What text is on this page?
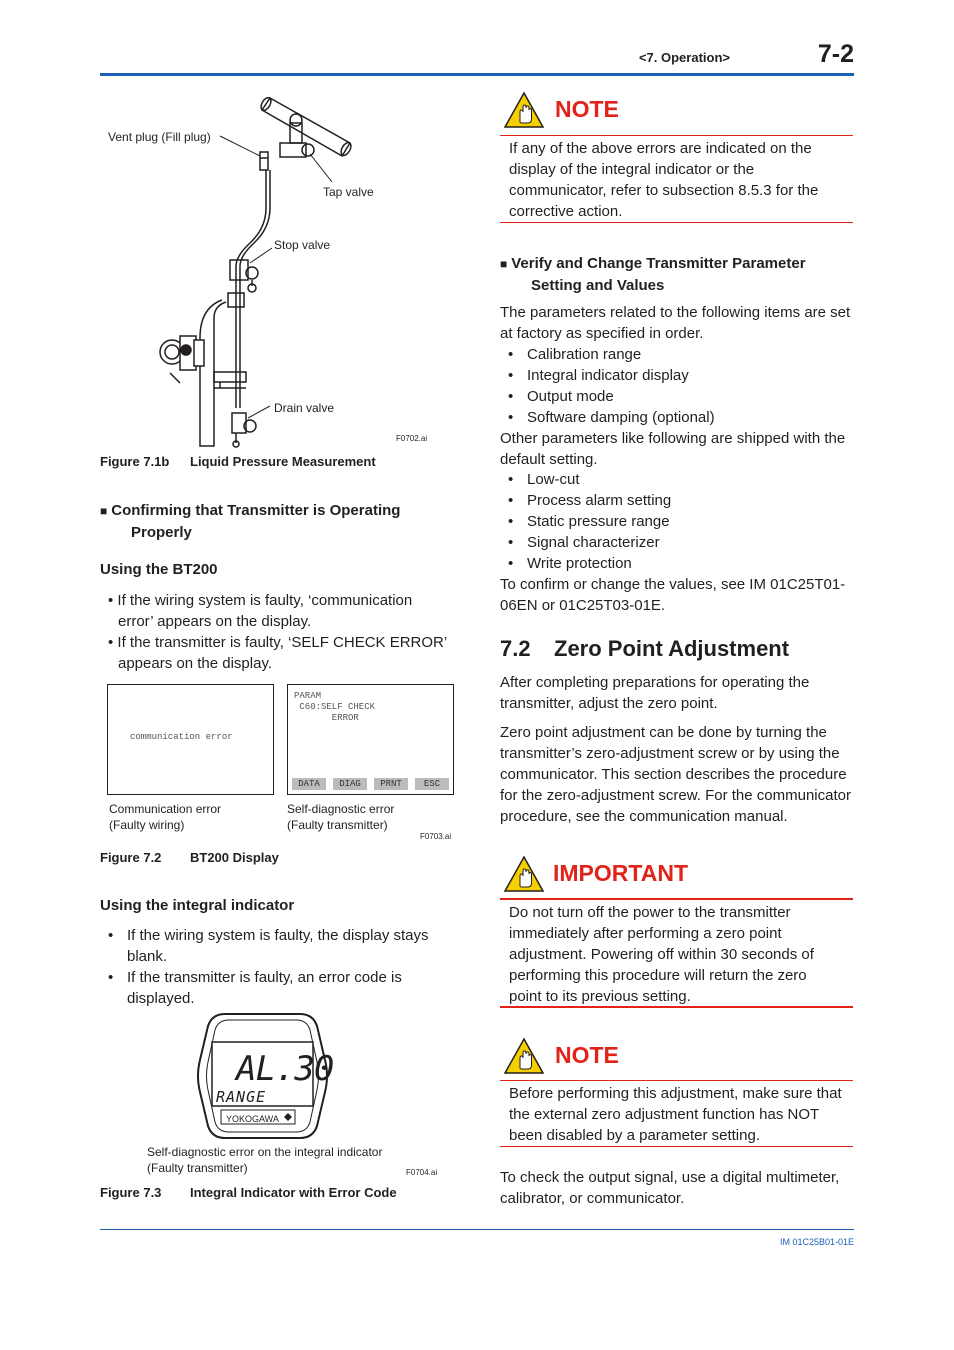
<7. Operation>	7-2
Vent plug (Fill plug)
Tap valve
Stop valve
Drain valve
F0702.ai
Figure 7.1b Liquid Pressure Measurement
■ Confirming that Transmitter is Operating
Properly
Using the BT200
• If the wiring system is faulty, ‘communication error’ appears on the display.
• If the transmitter is faulty, ‘SELF CHECK ERROR’ appears on the display.
communication error
PARAM
C60:SELF CHECK
ERROR
DATA	DIAG	PRNT	ESC
Communication error
(Faulty wiring)
Self-diagnostic error
(Faulty transmitter)
F0703.ai
Figure 7.2 BT200 Display
Using the integral indicator
• If the wiring system is faulty, the display stays blank.
• If the transmitter is faulty, an error code is displayed.
AL.30
RANGE
YOKOGAWA
Self-diagnostic error on the integral indicator
(Faulty transmitter)	F0704.ai
Figure 7.3 Integral Indicator with Error Code
NOTE
If any of the above errors are indicated on the display of the integral indicator or the communicator, refer to subsection 8.5.3 for the corrective action.
■ Verify and Change Transmitter Parameter
Setting and Values
The parameters related to the following items are set at factory as specified in order.
• Calibration range
• Integral indicator display
• Output mode
• Software damping (optional)
Other parameters like following are shipped with the default setting.
• Low-cut
• Process alarm setting
• Static pressure range
• Signal characterizer
• Write protection
To confirm or change the values, see IM 01C25T01-06EN or 01C25T03-01E.
7.2 Zero Point Adjustment
After completing preparations for operating the transmitter, adjust the zero point.
Zero point adjustment can be done by turning the transmitter’s zero-adjustment screw or by using the communicator. This section describes the procedure for the zero-adjustment screw. For the communicator procedure, see the communication manual.
IMPORTANT
Do not turn off the power to the transmitter immediately after performing a zero point adjustment. Powering off within 30 seconds of performing this procedure will return the zero point to its previous setting.
NOTE
Before performing this adjustment, make sure that the external zero adjustment function has NOT been disabled by a parameter setting.
To check the output signal, use a digital multimeter, calibrator, or communicator.
IM 01C25B01-01E
